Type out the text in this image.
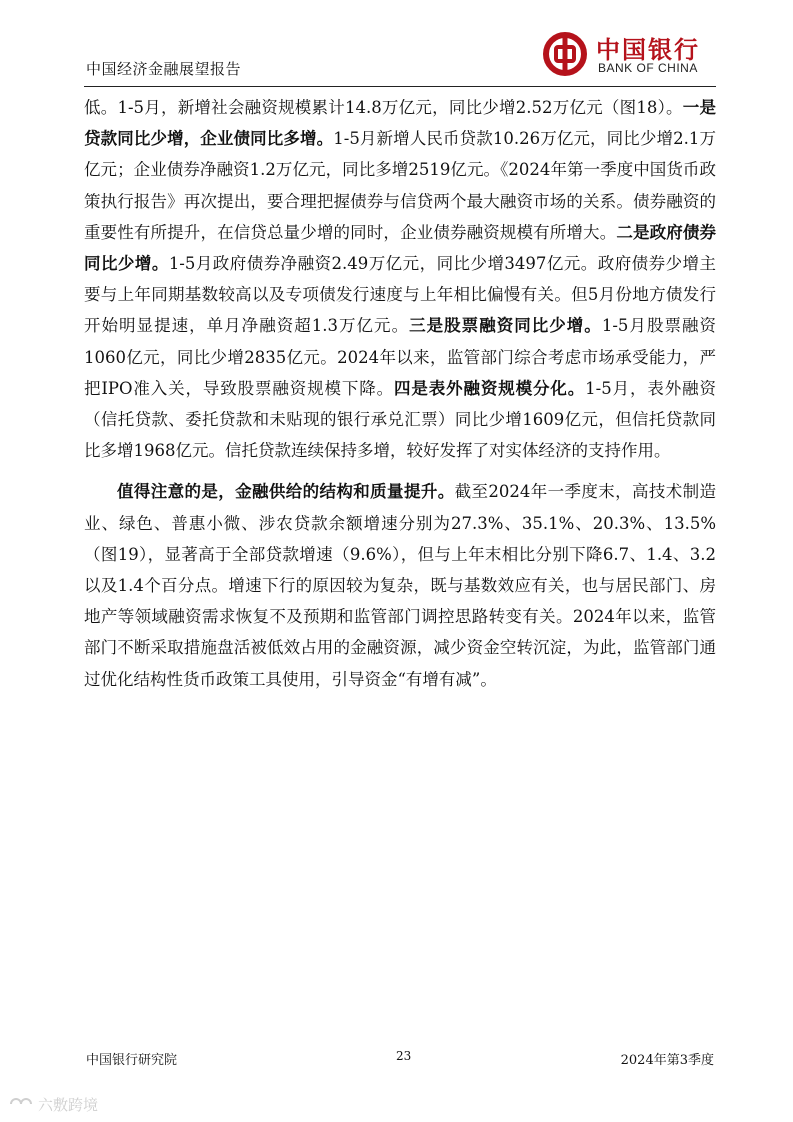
中国经济金融展望报告
中国银行
BANK OF CHINA

低。1-5月，新增社会融资规模累计14.8万亿元，同比少增2.52万亿元（图18）。一是贷款同比少增，企业债同比多增。1-5月新增人民币贷款10.26万亿元，同比少增2.1万亿元；企业债券净融资1.2万亿元，同比多增2519亿元。《2024年第一季度中国货币政策执行报告》再次提出，要合理把握债券与信贷两个最大融资市场的关系。债券融资的重要性有所提升，在信贷总量少增的同时，企业债券融资规模有所增大。二是政府债券同比少增。1-5月政府债券净融资2.49万亿元，同比少增3497亿元。政府债券少增主要与上年同期基数较高以及专项债发行速度与上年相比偏慢有关。但5月份地方债发行开始明显提速，单月净融资超1.3万亿元。三是股票融资同比少增。1-5月股票融资1060亿元，同比少增2835亿元。2024年以来，监管部门综合考虑市场承受能力，严把IPO准入关，导致股票融资规模下降。四是表外融资规模分化。1-5月，表外融资（信托贷款、委托贷款和未贴现的银行承兑汇票）同比少增1609亿元，但信托贷款同比多增1968亿元。信托贷款连续保持多增，较好发挥了对实体经济的支持作用。

值得注意的是，金融供给的结构和质量提升。截至2024年一季度末，高技术制造业、绿色、普惠小微、涉农贷款余额增速分别为27.3%、35.1%、20.3%、13.5%（图19），显著高于全部贷款增速（9.6%），但与上年末相比分别下降6.7、1.4、3.2以及1.4个百分点。增速下行的原因较为复杂，既与基数效应有关，也与居民部门、房地产等领域融资需求恢复不及预期和监管部门调控思路转变有关。2024年以来，监管部门不断采取措施盘活被低效占用的金融资源，减少资金空转沉淀，为此，监管部门通过优化结构性货币政策工具使用，引导资金“有增有减”。

中国银行研究院	23	2024年第3季度
六敷跨境
